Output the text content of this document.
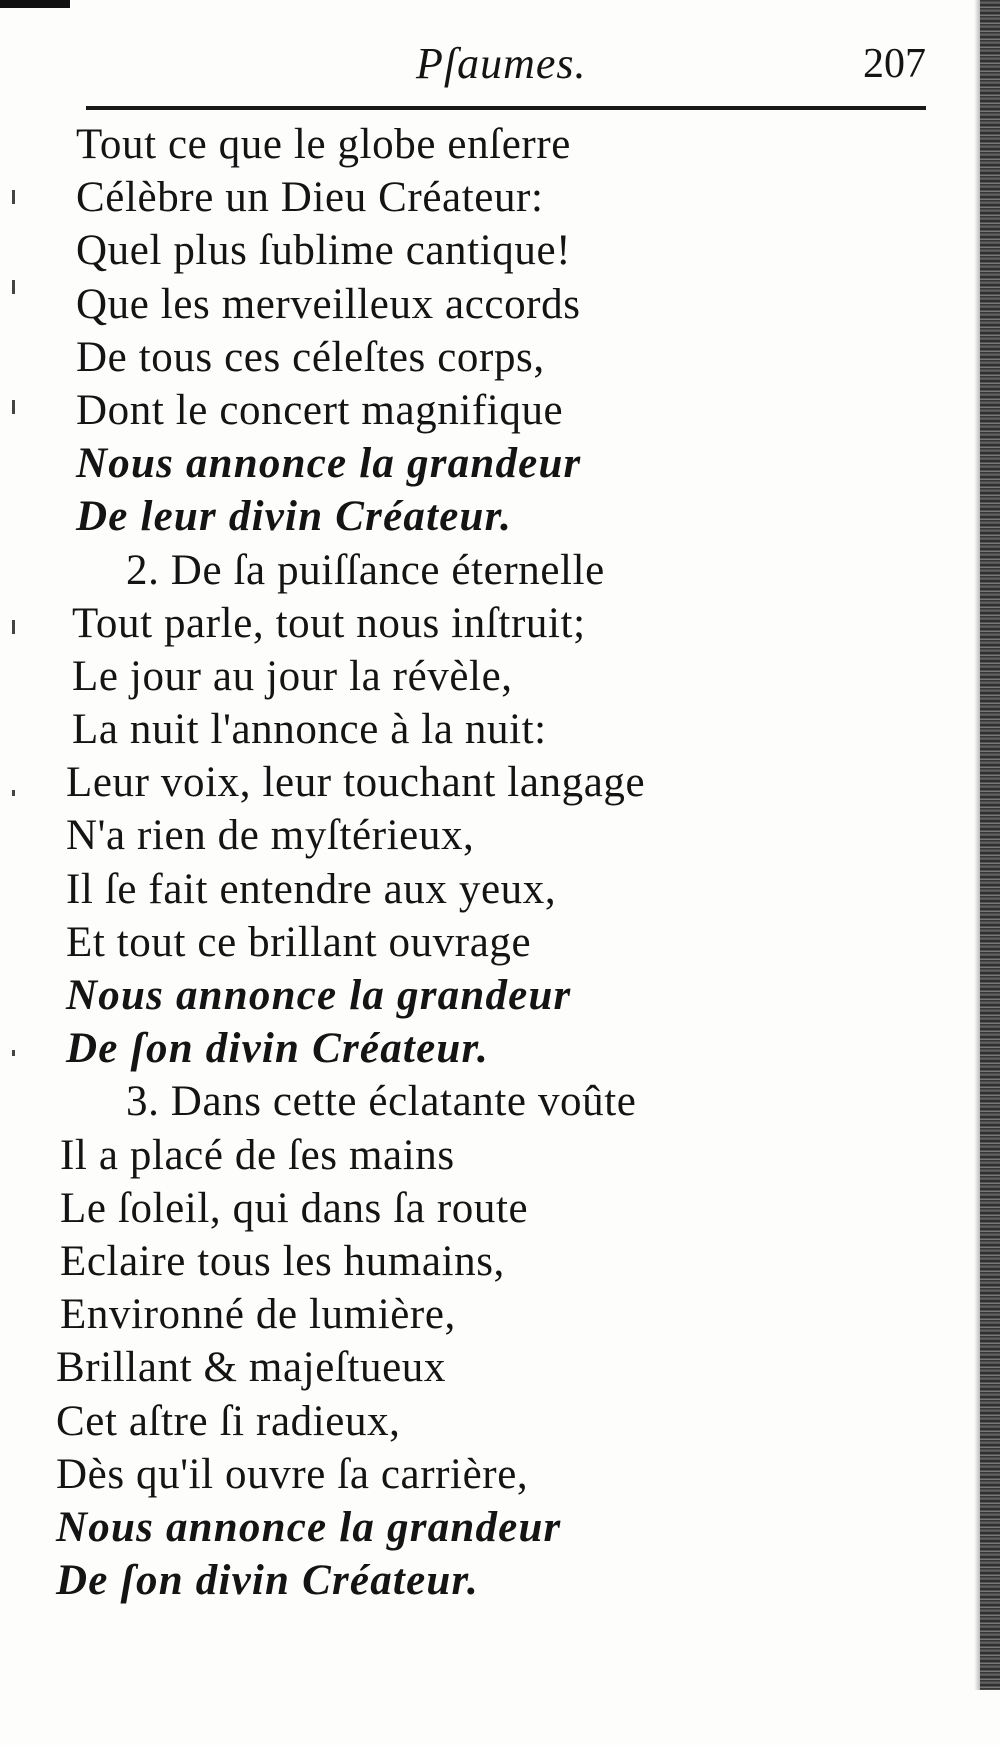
Pſaumes.	207
Tout ce que le globe enſerre
Célèbre un Dieu Créateur:
Quel plus ſublime cantique!
Que les merveilleux accords
De tous ces céleſtes corps,
Dont le concert magnifique
Nous annonce la grandeur
De leur divin Créateur.
2. De ſa puiſſance éternelle
Tout parle, tout nous inſtruit;
Le jour au jour la révèle,
La nuit l'annonce à la nuit:
Leur voix, leur touchant langage
N'a rien de myſtérieux,
Il ſe fait entendre aux yeux,
Et tout ce brillant ouvrage
Nous annonce la grandeur
De ſon divin Créateur.
3. Dans cette éclatante voûte
Il a placé de ſes mains
Le ſoleil, qui dans ſa route
Eclaire tous les humains,
Environné de lumière,
Brillant & majeſtueux
Cet aſtre ſi radieux,
Dès qu'il ouvre ſa carrière,
Nous annonce la grandeur
De ſon divin Créateur.
